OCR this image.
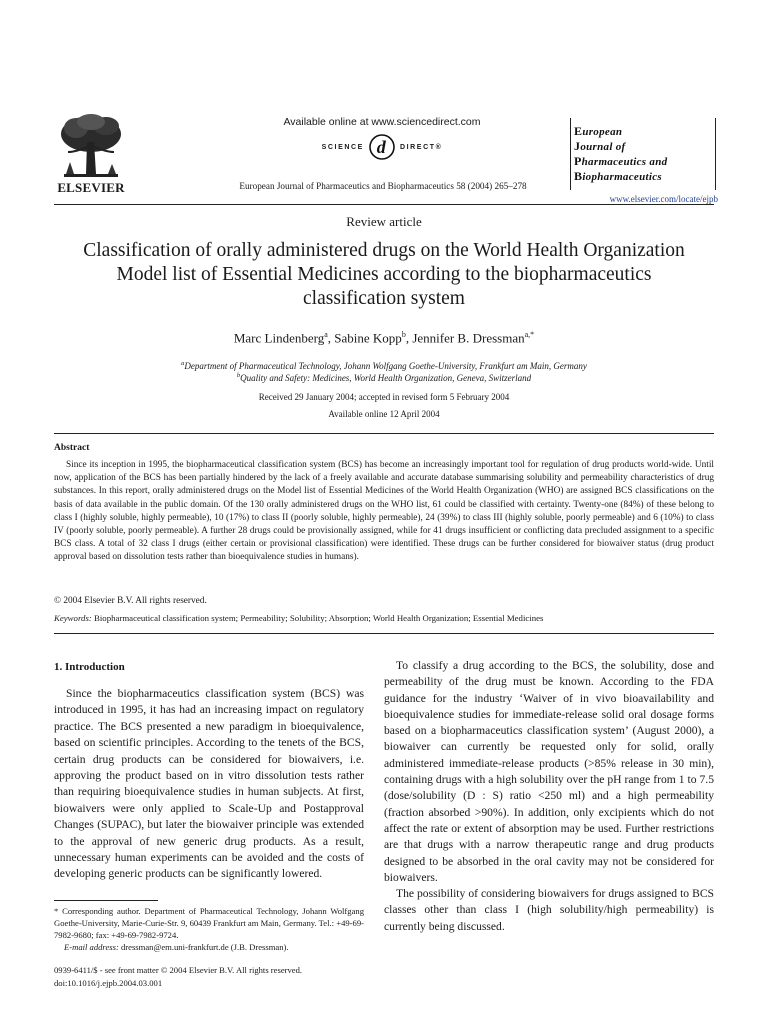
ELSEVIER
Available online at www.sciencedirect.com
SCIENCE d DIRECT®
European Journal of Pharmaceutics and Biopharmaceutics 58 (2004) 265–278
European
Journal of
Pharmaceutics and
Biopharmaceutics
www.elsevier.com/locate/ejpb
Review article
Classification of orally administered drugs on the World Health Organization Model list of Essential Medicines according to the biopharmaceutics classification system
Marc Lindenberg$^a$, Sabine Kopp$^b$, Jennifer B. Dressman$^{a,*}$
$^a$Department of Pharmaceutical Technology, Johann Wolfgang Goethe-University, Frankfurt am Main, Germany
$^b$Quality and Safety: Medicines, World Health Organization, Geneva, Switzerland
Received 29 January 2004; accepted in revised form 5 February 2004
Available online 12 April 2004
Abstract
Since its inception in 1995, the biopharmaceutical classification system (BCS) has become an increasingly important tool for regulation of drug products world-wide. Until now, application of the BCS has been partially hindered by the lack of a freely available and accurate database summarising solubility and permeability characteristics of drug substances. In this report, orally administered drugs on the Model list of Essential Medicines of the World Health Organization (WHO) are assigned BCS classifications on the basis of data available in the public domain. Of the 130 orally administered drugs on the WHO list, 61 could be classified with certainty. Twenty-one (84%) of these belong to class I (highly soluble, highly permeable), 10 (17%) to class II (poorly soluble, highly permeable), 24 (39%) to class III (highly soluble, poorly permeable) and 6 (10%) to class IV (poorly soluble, poorly permeable). A further 28 drugs could be provisionally assigned, while for 41 drugs insufficient or conflicting data precluded assignment to a specific BCS class. A total of 32 class I drugs (either certain or provisional classification) were identified. These drugs can be further considered for biowaiver status (drug product approval based on dissolution tests rather than bioequivalence studies in humans).
© 2004 Elsevier B.V. All rights reserved.
Keywords: Biopharmaceutical classification system; Permeability; Solubility; Absorption; World Health Organization; Essential Medicines
1. Introduction
Since the biopharmaceutics classification system (BCS) was introduced in 1995, it has had an increasing impact on regulatory practice. The BCS presented a new paradigm in bioequivalence, based on scientific principles. According to the tenets of the BCS, certain drug products can be considered for biowaivers, i.e. approving the product based on in vitro dissolution tests rather than requiring bioequivalence studies in human subjects. At first, biowaivers were only applied to Scale-Up and Postapproval Changes (SUPAC), but later the biowaiver principle was extended to the approval of new generic drug products. As a result, unnecessary human experiments can be avoided and the costs of developing generic products can be significantly lowered.

To classify a drug according to the BCS, the solubility, dose and permeability of the drug must be known. According to the FDA guidance for the industry ‘Waiver of in vivo bioavailability and bioequivalence studies for immediate-release solid oral dosage forms based on a biopharmaceutics classification system’ (August 2000), a biowaiver can currently be requested only for solid, orally administered immediate-release products (>85% release in 30 min), containing drugs with a high solubility over the pH range from 1 to 7.5 (dose/solubility (D : S) ratio <250 ml) and a high permeability (fraction absorbed >90%). In addition, only excipients which do not affect the rate or extent of absorption may be used. Further restrictions are that drugs with a narrow therapeutic range and drug products designed to be absorbed in the oral cavity may not be considered for biowaivers.

The possibility of considering biowaivers for drugs assigned to BCS classes other than class I (high solubility/high permeability) is currently being discussed.

* Corresponding author. Department of Pharmaceutical Technology, Johann Wolfgang Goethe-University, Marie-Curie-Str. 9, 60439 Frankfurt am Main, Germany. Tel.: +49-69-7982-9680; fax: +49-69-7982-9724.
E-mail address: dressman@em.uni-frankfurt.de (J.B. Dressman).
0939-6411/$ - see front matter © 2004 Elsevier B.V. All rights reserved.
doi:10.1016/j.ejpb.2004.03.001
